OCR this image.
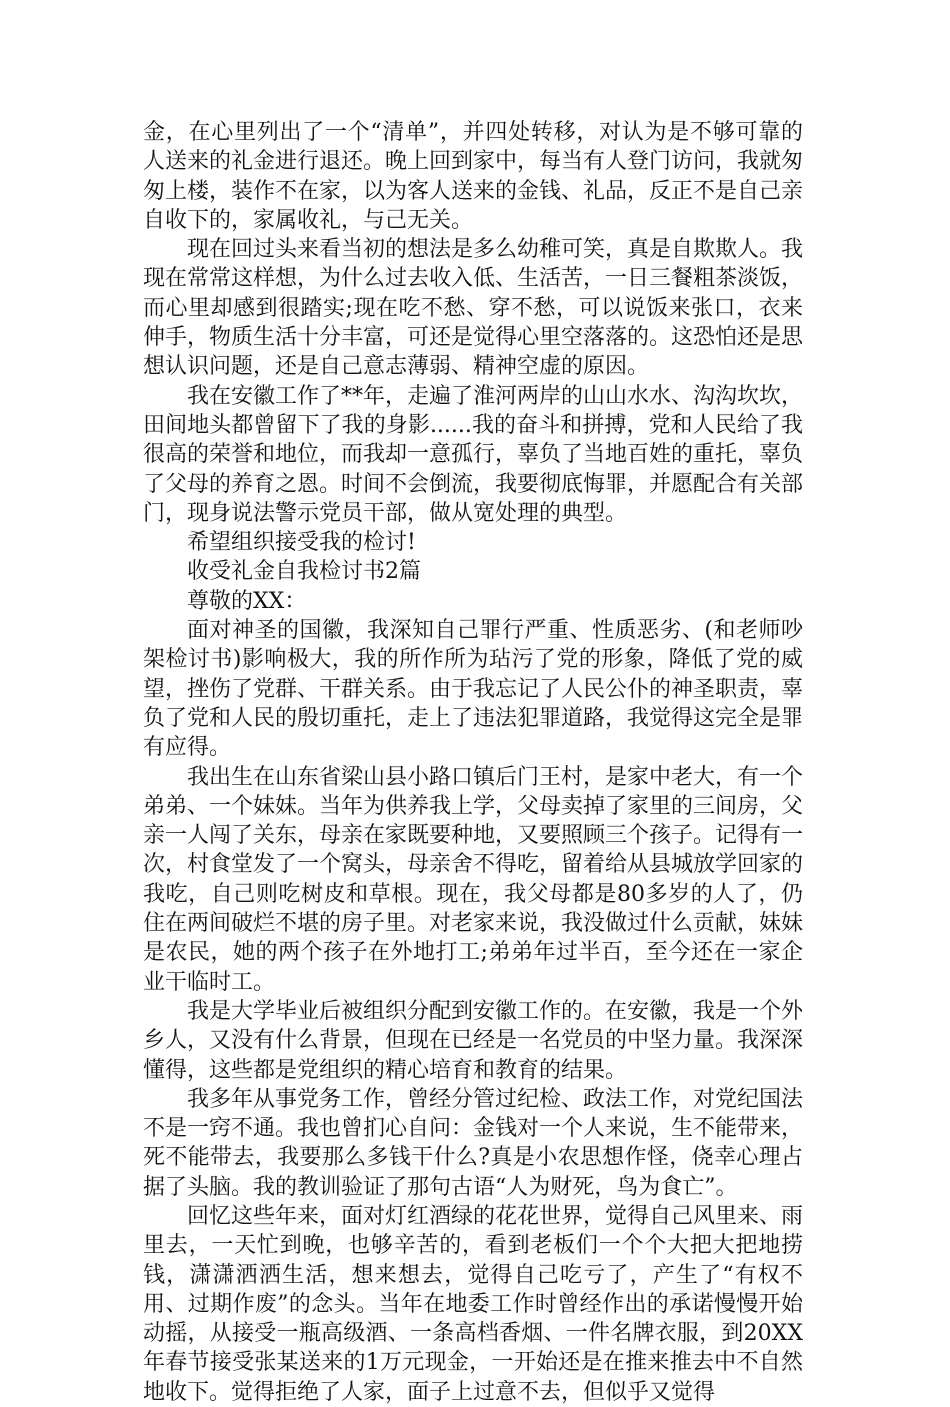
金，在心里列出了一个“清单”，并四处转移，对认为是不够可靠的人送来的礼金进行退还。晚上回到家中，每当有人登门访问，我就匆匆上楼，装作不在家，以为客人送来的金钱、礼品，反正不是自己亲自收下的，家属收礼，与己无关。

现在回过头来看当初的想法是多么幼稚可笑，真是自欺欺人。我现在常常这样想，为什么过去收入低、生活苦，一日三餐粗茶淡饭，而心里却感到很踏实;现在吃不愁、穿不愁，可以说饭来张口，衣来伸手，物质生活十分丰富，可还是觉得心里空落落的。这恐怕还是思想认识问题，还是自己意志薄弱、精神空虚的原因。

我在安徽工作了**年，走遍了淮河两岸的山山水水、沟沟坎坎，田间地头都曾留下了我的身影......我的奋斗和拼搏，党和人民给了我很高的荣誉和地位，而我却一意孤行，辜负了当地百姓的重托，辜负了父母的养育之恩。时间不会倒流，我要彻底悔罪，并愿配合有关部门，现身说法警示党员干部，做从宽处理的典型。

希望组织接受我的检讨!

收受礼金自我检讨书2篇

尊敬的XX：

面对神圣的国徽，我深知自己罪行严重、性质恶劣、(和老师吵架检讨书)影响极大，我的所作所为玷污了党的形象，降低了党的威望，挫伤了党群、干群关系。由于我忘记了人民公仆的神圣职责，辜负了党和人民的殷切重托，走上了违法犯罪道路，我觉得这完全是罪有应得。

我出生在山东省梁山县小路口镇后门王村，是家中老大，有一个弟弟、一个妹妹。当年为供养我上学，父母卖掉了家里的三间房，父亲一人闯了关东，母亲在家既要种地，又要照顾三个孩子。记得有一次，村食堂发了一个窝头，母亲舍不得吃，留着给从县城放学回家的我吃，自己则吃树皮和草根。现在，我父母都是80多岁的人了，仍住在两间破烂不堪的房子里。对老家来说，我没做过什么贡献，妹妹是农民，她的两个孩子在外地打工;弟弟年过半百，至今还在一家企业干临时工。

我是大学毕业后被组织分配到安徽工作的。在安徽，我是一个外乡人，又没有什么背景，但现在已经是一名党员的中坚力量。我深深懂得，这些都是党组织的精心培育和教育的结果。

我多年从事党务工作，曾经分管过纪检、政法工作，对党纪国法不是一窍不通。我也曾扪心自问：金钱对一个人来说，生不能带来，死不能带去，我要那么多钱干什么?真是小农思想作怪，侥幸心理占据了头脑。我的教训验证了那句古语“人为财死，鸟为食亡”。

回忆这些年来，面对灯红酒绿的花花世界，觉得自己风里来、雨里去，一天忙到晚，也够辛苦的，看到老板们一个个大把大把地捞钱，潇潇洒洒生活，想来想去，觉得自己吃亏了，产生了“有权不用、过期作废”的念头。当年在地委工作时曾经作出的承诺慢慢开始动摇，从接受一瓶高级酒、一条高档香烟、一件名牌衣服，到20XX年春节接受张某送来的1万元现金，一开始还是在推来推去中不自然地收下。觉得拒绝了人家，面子上过意不去，但似乎又觉得
